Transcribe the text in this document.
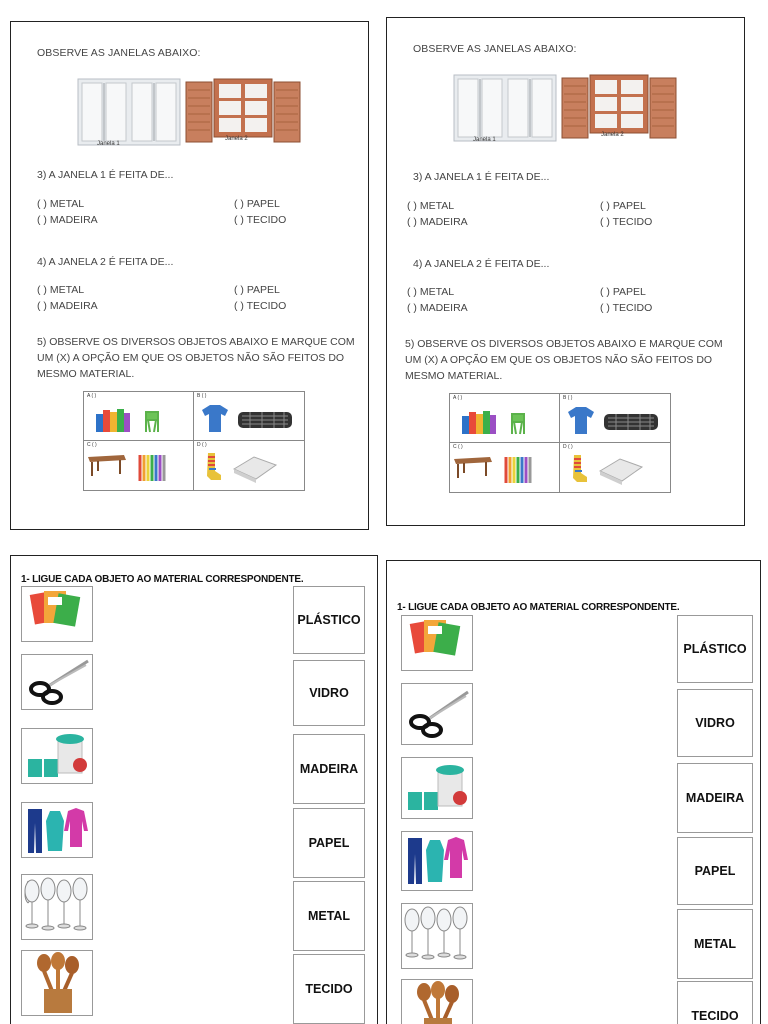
OBSERVE AS JANELAS ABAIXO:
Janela 1
Janela 2
3) A JANELA 1 É FEITA DE...
( ) METAL	( ) PAPEL
( ) MADEIRA	( ) TECIDO
4) A JANELA 2 É FEITA DE...
( ) METAL	( ) PAPEL
( ) MADEIRA	( ) TECIDO
5) OBSERVE OS DIVERSOS OBJETOS ABAIXO E MARQUE COM UM (X) A OPÇÃO EM QUE OS OBJETOS NÃO SÃO FEITOS DO MESMO MATERIAL.
A ( )	B ( )
C ( )	D ( )
OBSERVE AS JANELAS ABAIXO:
Janela 1
Janela 2
3) A JANELA 1 É FEITA DE...
( ) METAL	( ) PAPEL
( ) MADEIRA	( ) TECIDO
4) A JANELA 2 É FEITA DE...
( ) METAL	( ) PAPEL
( ) MADEIRA	( ) TECIDO
5) OBSERVE OS DIVERSOS OBJETOS ABAIXO E MARQUE COM UM (X) A OPÇÃO EM QUE OS OBJETOS NÃO SÃO FEITOS DO MESMO MATERIAL.
A ( )	B ( )
C ( )	D ( )
1- LIGUE CADA OBJETO AO MATERIAL CORRESPONDENTE.
PLÁSTICO
VIDRO
MADEIRA
PAPEL
METAL
TECIDO
1- LIGUE CADA OBJETO AO MATERIAL CORRESPONDENTE.
PLÁSTICO
VIDRO
MADEIRA
PAPEL
METAL
TECIDO
